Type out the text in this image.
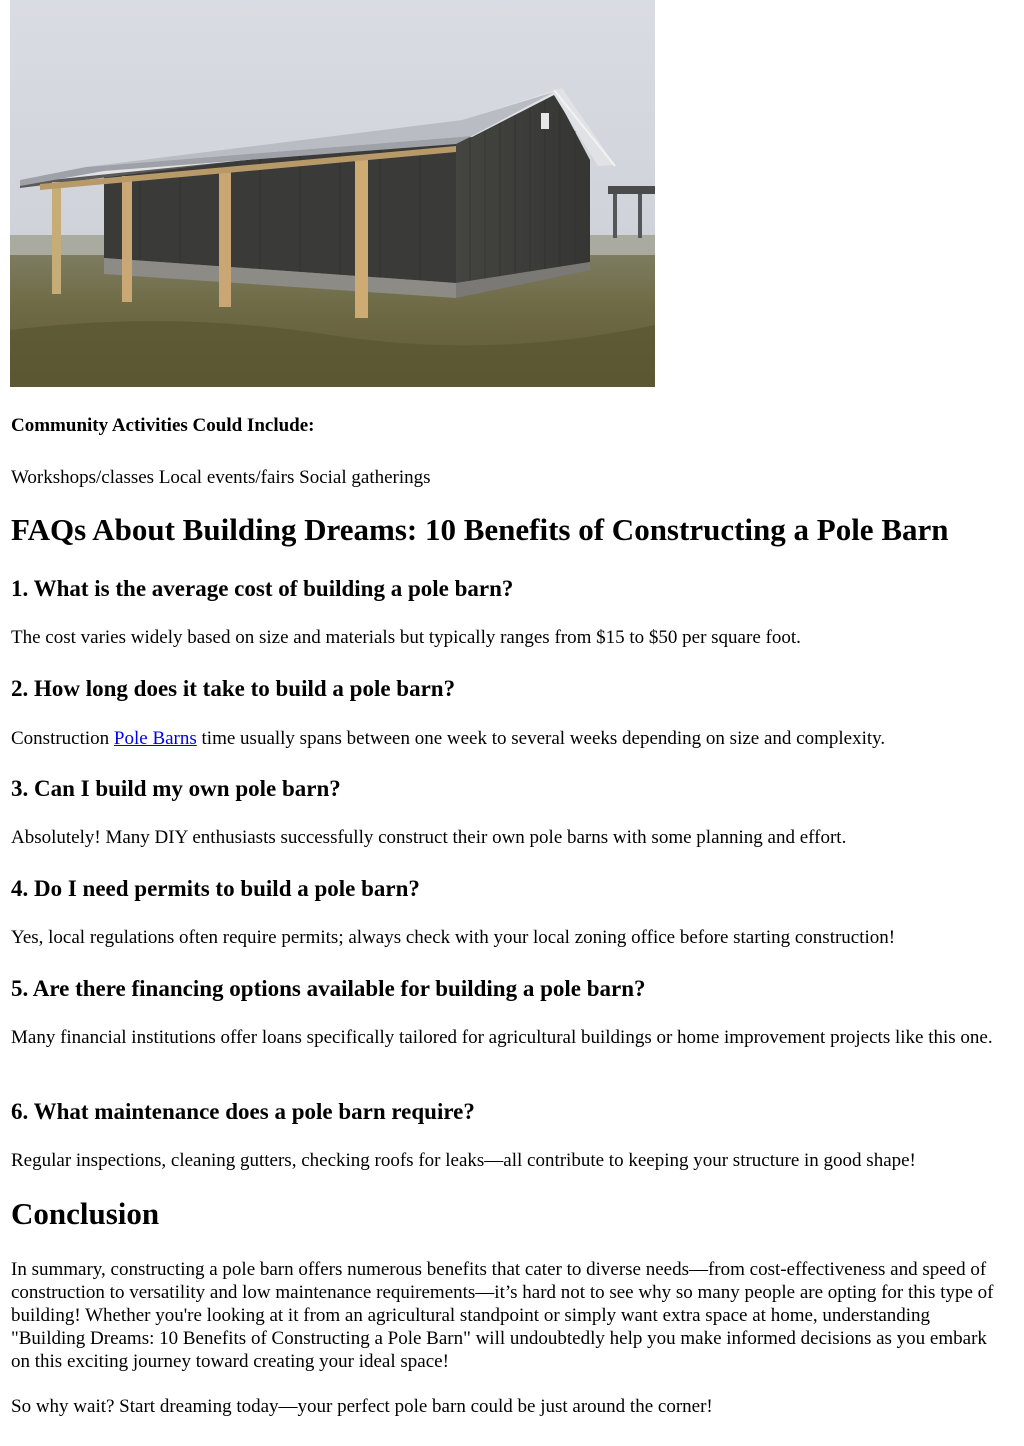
Community Activities Could Include:

Workshops/classes Local events/fairs Social gatherings

FAQs About Building Dreams: 10 Benefits of Constructing a Pole Barn
1. What is the average cost of building a pole barn?

The cost varies widely based on size and materials but typically ranges from $15 to $50 per square foot.

2. How long does it take to build a pole barn?

Construction Pole Barns time usually spans between one week to several weeks depending on size and complexity.

3. Can I build my own pole barn?

Absolutely! Many DIY enthusiasts successfully construct their own pole barns with some planning and effort.

4. Do I need permits to build a pole barn?

Yes, local regulations often require permits; always check with your local zoning office before starting construction!

5. Are there financing options available for building a pole barn?

Many financial institutions offer loans specifically tailored for agricultural buildings or home improvement projects like this one.

6. What maintenance does a pole barn require?

Regular inspections, cleaning gutters, checking roofs for leaks—all contribute to keeping your structure in good shape!

Conclusion

In summary, constructing a pole barn offers numerous benefits that cater to diverse needs—from cost-effectiveness and speed of construction to versatility and low maintenance requirements—it’s hard not to see why so many people are opting for this type of building! Whether you're looking at it from an agricultural standpoint or simply want extra space at home, understanding "Building Dreams: 10 Benefits of Constructing a Pole Barn" will undoubtedly help you make informed decisions as you embark on this exciting journey toward creating your ideal space!

So why wait? Start dreaming today—your perfect pole barn could be just around the corner!
